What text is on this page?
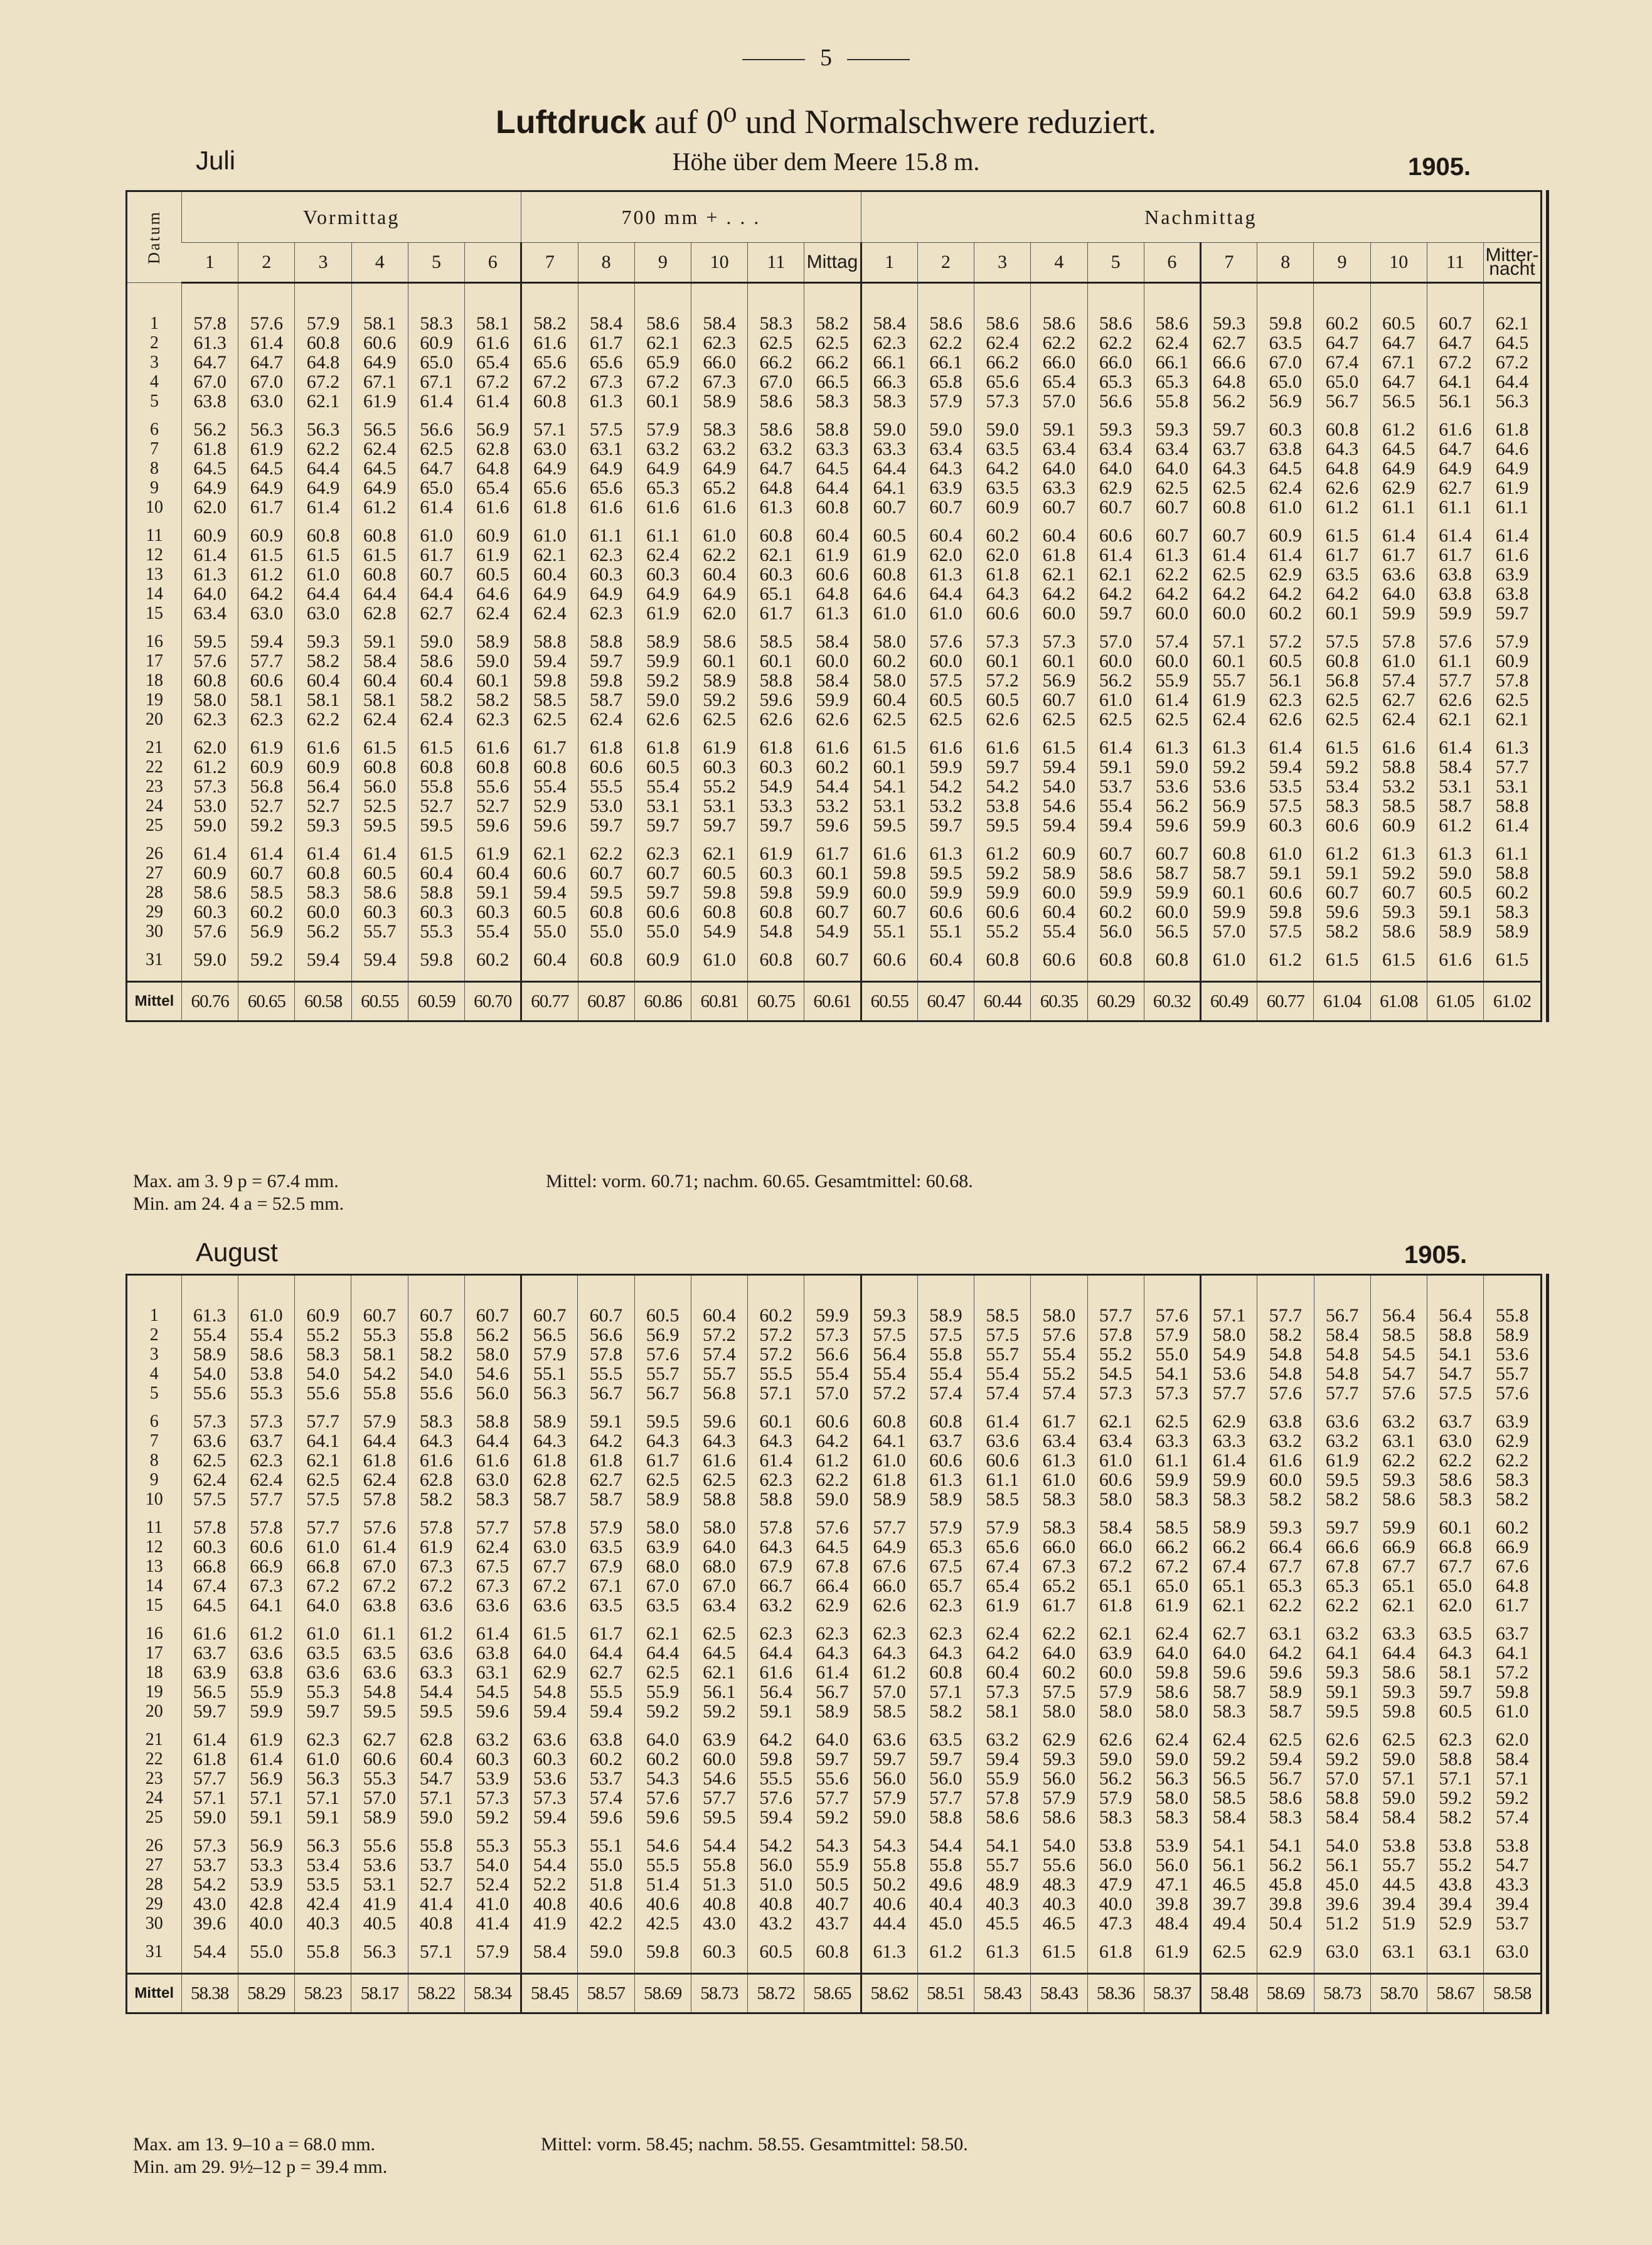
5
Luftdruck auf 0⁰ und Normalschwere reduziert.
Höhe über dem Meere 15.8 m.
Juli	1905.
Datum	Vormittag						700 mm + . . .						Nachmittag											
	1	2	3	4	5	6	7	8	9	10	11	Mittag	1	2	3	4	5	6	7	8	9	10	11	Mitter-
nacht

1	57.8	57.6	57.9	58.1	58.3	58.1	58.2	58.4	58.6	58.4	58.3	58.2	58.4	58.6	58.6	58.6	58.6	58.6	59.3	59.8	60.2	60.5	60.7	62.1
2	61.3	61.4	60.8	60.6	60.9	61.6	61.6	61.7	62.1	62.3	62.5	62.5	62.3	62.2	62.4	62.2	62.2	62.4	62.7	63.5	64.7	64.7	64.7	64.5
3	64.7	64.7	64.8	64.9	65.0	65.4	65.6	65.6	65.9	66.0	66.2	66.2	66.1	66.1	66.2	66.0	66.0	66.1	66.6	67.0	67.4	67.1	67.2	67.2
4	67.0	67.0	67.2	67.1	67.1	67.2	67.2	67.3	67.2	67.3	67.0	66.5	66.3	65.8	65.6	65.4	65.3	65.3	64.8	65.0	65.0	64.7	64.1	64.4
5	63.8	63.0	62.1	61.9	61.4	61.4	60.8	61.3	60.1	58.9	58.6	58.3	58.3	57.9	57.3	57.0	56.6	55.8	56.2	56.9	56.7	56.5	56.1	56.3

6	56.2	56.3	56.3	56.5	56.6	56.9	57.1	57.5	57.9	58.3	58.6	58.8	59.0	59.0	59.0	59.1	59.3	59.3	59.7	60.3	60.8	61.2	61.6	61.8
7	61.8	61.9	62.2	62.4	62.5	62.8	63.0	63.1	63.2	63.2	63.2	63.3	63.3	63.4	63.5	63.4	63.4	63.4	63.7	63.8	64.3	64.5	64.7	64.6
8	64.5	64.5	64.4	64.5	64.7	64.8	64.9	64.9	64.9	64.9	64.7	64.5	64.4	64.3	64.2	64.0	64.0	64.0	64.3	64.5	64.8	64.9	64.9	64.9
9	64.9	64.9	64.9	64.9	65.0	65.4	65.6	65.6	65.3	65.2	64.8	64.4	64.1	63.9	63.5	63.3	62.9	62.5	62.5	62.4	62.6	62.9	62.7	61.9
10	62.0	61.7	61.4	61.2	61.4	61.6	61.8	61.6	61.6	61.6	61.3	60.8	60.7	60.7	60.9	60.7	60.7	60.7	60.8	61.0	61.2	61.1	61.1	61.1

11	60.9	60.9	60.8	60.8	61.0	60.9	61.0	61.1	61.1	61.0	60.8	60.4	60.5	60.4	60.2	60.4	60.6	60.7	60.7	60.9	61.5	61.4	61.4	61.4
12	61.4	61.5	61.5	61.5	61.7	61.9	62.1	62.3	62.4	62.2	62.1	61.9	61.9	62.0	62.0	61.8	61.4	61.3	61.4	61.4	61.7	61.7	61.7	61.6
13	61.3	61.2	61.0	60.8	60.7	60.5	60.4	60.3	60.3	60.4	60.3	60.6	60.8	61.3	61.8	62.1	62.1	62.2	62.5	62.9	63.5	63.6	63.8	63.9
14	64.0	64.2	64.4	64.4	64.4	64.6	64.9	64.9	64.9	64.9	65.1	64.8	64.6	64.4	64.3	64.2	64.2	64.2	64.2	64.2	64.2	64.0	63.8	63.8
15	63.4	63.0	63.0	62.8	62.7	62.4	62.4	62.3	61.9	62.0	61.7	61.3	61.0	61.0	60.6	60.0	59.7	60.0	60.0	60.2	60.1	59.9	59.9	59.7

16	59.5	59.4	59.3	59.1	59.0	58.9	58.8	58.8	58.9	58.6	58.5	58.4	58.0	57.6	57.3	57.3	57.0	57.4	57.1	57.2	57.5	57.8	57.6	57.9
17	57.6	57.7	58.2	58.4	58.6	59.0	59.4	59.7	59.9	60.1	60.1	60.0	60.2	60.0	60.1	60.1	60.0	60.0	60.1	60.5	60.8	61.0	61.1	60.9
18	60.8	60.6	60.4	60.4	60.4	60.1	59.8	59.8	59.2	58.9	58.8	58.4	58.0	57.5	57.2	56.9	56.2	55.9	55.7	56.1	56.8	57.4	57.7	57.8
19	58.0	58.1	58.1	58.1	58.2	58.2	58.5	58.7	59.0	59.2	59.6	59.9	60.4	60.5	60.5	60.7	61.0	61.4	61.9	62.3	62.5	62.7	62.6	62.5
20	62.3	62.3	62.2	62.4	62.4	62.3	62.5	62.4	62.6	62.5	62.6	62.6	62.5	62.5	62.6	62.5	62.5	62.5	62.4	62.6	62.5	62.4	62.1	62.1

21	62.0	61.9	61.6	61.5	61.5	61.6	61.7	61.8	61.8	61.9	61.8	61.6	61.5	61.6	61.6	61.5	61.4	61.3	61.3	61.4	61.5	61.6	61.4	61.3
22	61.2	60.9	60.9	60.8	60.8	60.8	60.8	60.6	60.5	60.3	60.3	60.2	60.1	59.9	59.7	59.4	59.1	59.0	59.2	59.4	59.2	58.8	58.4	57.7
23	57.3	56.8	56.4	56.0	55.8	55.6	55.4	55.5	55.4	55.2	54.9	54.4	54.1	54.2	54.2	54.0	53.7	53.6	53.6	53.5	53.4	53.2	53.1	53.1
24	53.0	52.7	52.7	52.5	52.7	52.7	52.9	53.0	53.1	53.1	53.3	53.2	53.1	53.2	53.8	54.6	55.4	56.2	56.9	57.5	58.3	58.5	58.7	58.8
25	59.0	59.2	59.3	59.5	59.5	59.6	59.6	59.7	59.7	59.7	59.7	59.6	59.5	59.7	59.5	59.4	59.4	59.6	59.9	60.3	60.6	60.9	61.2	61.4

26	61.4	61.4	61.4	61.4	61.5	61.9	62.1	62.2	62.3	62.1	61.9	61.7	61.6	61.3	61.2	60.9	60.7	60.7	60.8	61.0	61.2	61.3	61.3	61.1
27	60.9	60.7	60.8	60.5	60.4	60.4	60.6	60.7	60.7	60.5	60.3	60.1	59.8	59.5	59.2	58.9	58.6	58.7	58.7	59.1	59.1	59.2	59.0	58.8
28	58.6	58.5	58.3	58.6	58.8	59.1	59.4	59.5	59.7	59.8	59.8	59.9	60.0	59.9	59.9	60.0	59.9	59.9	60.1	60.6	60.7	60.7	60.5	60.2
29	60.3	60.2	60.0	60.3	60.3	60.3	60.5	60.8	60.6	60.8	60.8	60.7	60.7	60.6	60.6	60.4	60.2	60.0	59.9	59.8	59.6	59.3	59.1	58.3
30	57.6	56.9	56.2	55.7	55.3	55.4	55.0	55.0	55.0	54.9	54.8	54.9	55.1	55.1	55.2	55.4	56.0	56.5	57.0	57.5	58.2	58.6	58.9	58.9

31	59.0	59.2	59.4	59.4	59.8	60.2	60.4	60.8	60.9	61.0	60.8	60.7	60.6	60.4	60.8	60.6	60.8	60.8	61.0	61.2	61.5	61.5	61.6	61.5

Mittel	60.76	60.65	60.58	60.55	60.59	60.70	60.77	60.87	60.86	60.81	60.75	60.61	60.55	60.47	60.44	60.35	60.29	60.32	60.49	60.77	61.04	61.08	61.05	61.02
Max. am 3. 9 p = 67.4 mm.
Min. am 24. 4 a = 52.5 mm.
Mittel: vorm. 60.71; nachm. 60.65. Gesamtmittel: 60.68.
August	1905.

1	61.3	61.0	60.9	60.7	60.7	60.7	60.7	60.7	60.5	60.4	60.2	59.9	59.3	58.9	58.5	58.0	57.7	57.6	57.1	57.7	56.7	56.4	56.4	55.8
2	55.4	55.4	55.2	55.3	55.8	56.2	56.5	56.6	56.9	57.2	57.2	57.3	57.5	57.5	57.5	57.6	57.8	57.9	58.0	58.2	58.4	58.5	58.8	58.9
3	58.9	58.6	58.3	58.1	58.2	58.0	57.9	57.8	57.6	57.4	57.2	56.6	56.4	55.8	55.7	55.4	55.2	55.0	54.9	54.8	54.8	54.5	54.1	53.6
4	54.0	53.8	54.0	54.2	54.0	54.6	55.1	55.5	55.7	55.7	55.5	55.4	55.4	55.4	55.4	55.2	54.5	54.1	53.6	54.8	54.8	54.7	54.7	55.7
5	55.6	55.3	55.6	55.8	55.6	56.0	56.3	56.7	56.7	56.8	57.1	57.0	57.2	57.4	57.4	57.4	57.3	57.3	57.7	57.6	57.7	57.6	57.5	57.6

6	57.3	57.3	57.7	57.9	58.3	58.8	58.9	59.1	59.5	59.6	60.1	60.6	60.8	60.8	61.4	61.7	62.1	62.5	62.9	63.8	63.6	63.2	63.7	63.9
7	63.6	63.7	64.1	64.4	64.3	64.4	64.3	64.2	64.3	64.3	64.3	64.2	64.1	63.7	63.6	63.4	63.4	63.3	63.3	63.2	63.2	63.1	63.0	62.9
8	62.5	62.3	62.1	61.8	61.6	61.6	61.8	61.8	61.7	61.6	61.4	61.2	61.0	60.6	60.6	61.3	61.0	61.1	61.4	61.6	61.9	62.2	62.2	62.2
9	62.4	62.4	62.5	62.4	62.8	63.0	62.8	62.7	62.5	62.5	62.3	62.2	61.8	61.3	61.1	61.0	60.6	59.9	59.9	60.0	59.5	59.3	58.6	58.3
10	57.5	57.7	57.5	57.8	58.2	58.3	58.7	58.7	58.9	58.8	58.8	59.0	58.9	58.9	58.5	58.3	58.0	58.3	58.3	58.2	58.2	58.6	58.3	58.2

11	57.8	57.8	57.7	57.6	57.8	57.7	57.8	57.9	58.0	58.0	57.8	57.6	57.7	57.9	57.9	58.3	58.4	58.5	58.9	59.3	59.7	59.9	60.1	60.2
12	60.3	60.6	61.0	61.4	61.9	62.4	63.0	63.5	63.9	64.0	64.3	64.5	64.9	65.3	65.6	66.0	66.0	66.2	66.2	66.4	66.6	66.9	66.8	66.9
13	66.8	66.9	66.8	67.0	67.3	67.5	67.7	67.9	68.0	68.0	67.9	67.8	67.6	67.5	67.4	67.3	67.2	67.2	67.4	67.7	67.8	67.7	67.7	67.6
14	67.4	67.3	67.2	67.2	67.2	67.3	67.2	67.1	67.0	67.0	66.7	66.4	66.0	65.7	65.4	65.2	65.1	65.0	65.1	65.3	65.3	65.1	65.0	64.8
15	64.5	64.1	64.0	63.8	63.6	63.6	63.6	63.5	63.5	63.4	63.2	62.9	62.6	62.3	61.9	61.7	61.8	61.9	62.1	62.2	62.2	62.1	62.0	61.7

16	61.6	61.2	61.0	61.1	61.2	61.4	61.5	61.7	62.1	62.5	62.3	62.3	62.3	62.3	62.4	62.2	62.1	62.4	62.7	63.1	63.2	63.3	63.5	63.7
17	63.7	63.6	63.5	63.5	63.6	63.8	64.0	64.4	64.4	64.5	64.4	64.3	64.3	64.3	64.2	64.0	63.9	64.0	64.0	64.2	64.1	64.4	64.3	64.1
18	63.9	63.8	63.6	63.6	63.3	63.1	62.9	62.7	62.5	62.1	61.6	61.4	61.2	60.8	60.4	60.2	60.0	59.8	59.6	59.6	59.3	58.6	58.1	57.2
19	56.5	55.9	55.3	54.8	54.4	54.5	54.8	55.5	55.9	56.1	56.4	56.7	57.0	57.1	57.3	57.5	57.9	58.6	58.7	58.9	59.1	59.3	59.7	59.8
20	59.7	59.9	59.7	59.5	59.5	59.6	59.4	59.4	59.2	59.2	59.1	58.9	58.5	58.2	58.1	58.0	58.0	58.0	58.3	58.7	59.5	59.8	60.5	61.0

21	61.4	61.9	62.3	62.7	62.8	63.2	63.6	63.8	64.0	63.9	64.2	64.0	63.6	63.5	63.2	62.9	62.6	62.4	62.4	62.5	62.6	62.5	62.3	62.0
22	61.8	61.4	61.0	60.6	60.4	60.3	60.3	60.2	60.2	60.0	59.8	59.7	59.7	59.7	59.4	59.3	59.0	59.0	59.2	59.4	59.2	59.0	58.8	58.4
23	57.7	56.9	56.3	55.3	54.7	53.9	53.6	53.7	54.3	54.6	55.5	55.6	56.0	56.0	55.9	56.0	56.2	56.3	56.5	56.7	57.0	57.1	57.1	57.1
24	57.1	57.1	57.1	57.0	57.1	57.3	57.3	57.4	57.6	57.7	57.6	57.7	57.9	57.7	57.8	57.9	57.9	58.0	58.5	58.6	58.8	59.0	59.2	59.2
25	59.0	59.1	59.1	58.9	59.0	59.2	59.4	59.6	59.6	59.5	59.4	59.2	59.0	58.8	58.6	58.6	58.3	58.3	58.4	58.3	58.4	58.4	58.2	57.4

26	57.3	56.9	56.3	55.6	55.8	55.3	55.3	55.1	54.6	54.4	54.2	54.3	54.3	54.4	54.1	54.0	53.8	53.9	54.1	54.1	54.0	53.8	53.8	53.8
27	53.7	53.3	53.4	53.6	53.7	54.0	54.4	55.0	55.5	55.8	56.0	55.9	55.8	55.8	55.7	55.6	56.0	56.0	56.1	56.2	56.1	55.7	55.2	54.7
28	54.2	53.9	53.5	53.1	52.7	52.4	52.2	51.8	51.4	51.3	51.0	50.5	50.2	49.6	48.9	48.3	47.9	47.1	46.5	45.8	45.0	44.5	43.8	43.3
29	43.0	42.8	42.4	41.9	41.4	41.0	40.8	40.6	40.6	40.8	40.8	40.7	40.6	40.4	40.3	40.3	40.0	39.8	39.7	39.8	39.6	39.4	39.4	39.4
30	39.6	40.0	40.3	40.5	40.8	41.4	41.9	42.2	42.5	43.0	43.2	43.7	44.4	45.0	45.5	46.5	47.3	48.4	49.4	50.4	51.2	51.9	52.9	53.7

31	54.4	55.0	55.8	56.3	57.1	57.9	58.4	59.0	59.8	60.3	60.5	60.8	61.3	61.2	61.3	61.5	61.8	61.9	62.5	62.9	63.0	63.1	63.1	63.0

Mittel	58.38	58.29	58.23	58.17	58.22	58.34	58.45	58.57	58.69	58.73	58.72	58.65	58.62	58.51	58.43	58.43	58.36	58.37	58.48	58.69	58.73	58.70	58.67	58.58
Max. am 13. 9–10 a = 68.0 mm.
Min. am 29. 9½–12 p = 39.4 mm.
Mittel: vorm. 58.45; nachm. 58.55. Gesamtmittel: 58.50.
